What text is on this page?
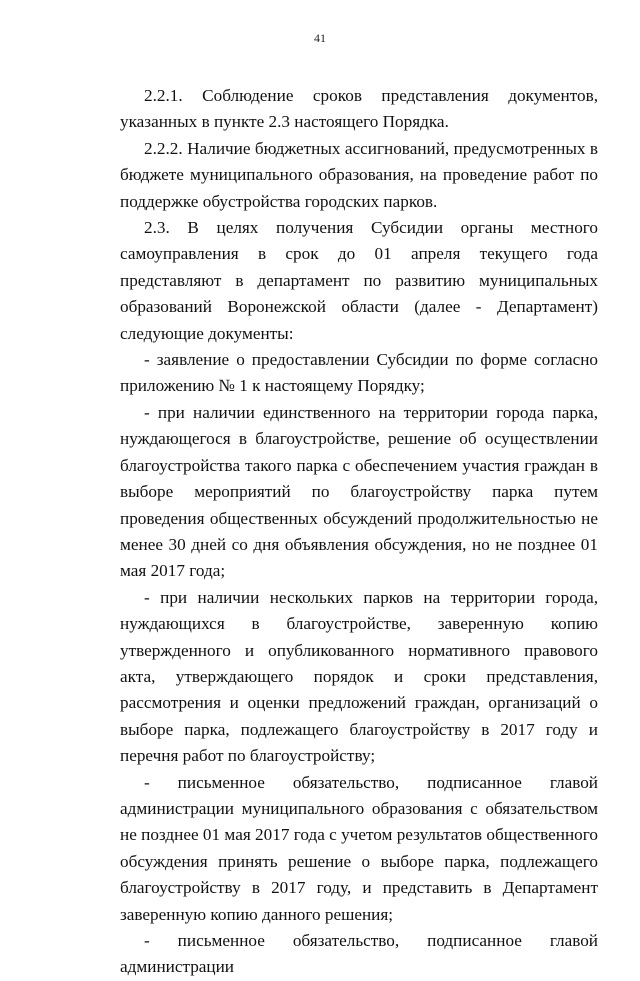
41

2.2.1. Соблюдение сроков представления документов, указанных в пункте 2.3 настоящего Порядка.

2.2.2. Наличие бюджетных ассигнований, предусмотренных в бюджете муниципального образования, на проведение работ по поддержке обустройства городских парков.

2.3. В целях получения Субсидии органы местного самоуправления в срок до 01 апреля текущего года представляют в департамент по развитию муниципальных образований Воронежской области (далее - Департамент) следующие документы:

- заявление о предоставлении Субсидии по форме согласно приложению № 1 к настоящему Порядку;

- при наличии единственного на территории города парка, нуждающегося в благоустройстве, решение об осуществлении благоустройства такого парка с обеспечением участия граждан в выборе мероприятий по благоустройству парка путем проведения общественных обсуждений продолжительностью не менее 30 дней со дня объявления обсуждения, но не позднее 01 мая 2017 года;

- при наличии нескольких парков на территории города, нуждающихся в благоустройстве, заверенную копию утвержденного и опубликованного нормативного правового акта, утверждающего порядок и сроки представления, рассмотрения и оценки предложений граждан, организаций о выборе парка, подлежащего благоустройству в 2017 году и перечня работ по благоустройству;

- письменное обязательство, подписанное главой администрации муниципального образования с обязательством не позднее 01 мая 2017 года с учетом результатов общественного обсуждения принять решение о выборе парка, подлежащего благоустройству в 2017 году, и представить в Департамент заверенную копию данного решения;

- письменное обязательство, подписанное главой администрации
